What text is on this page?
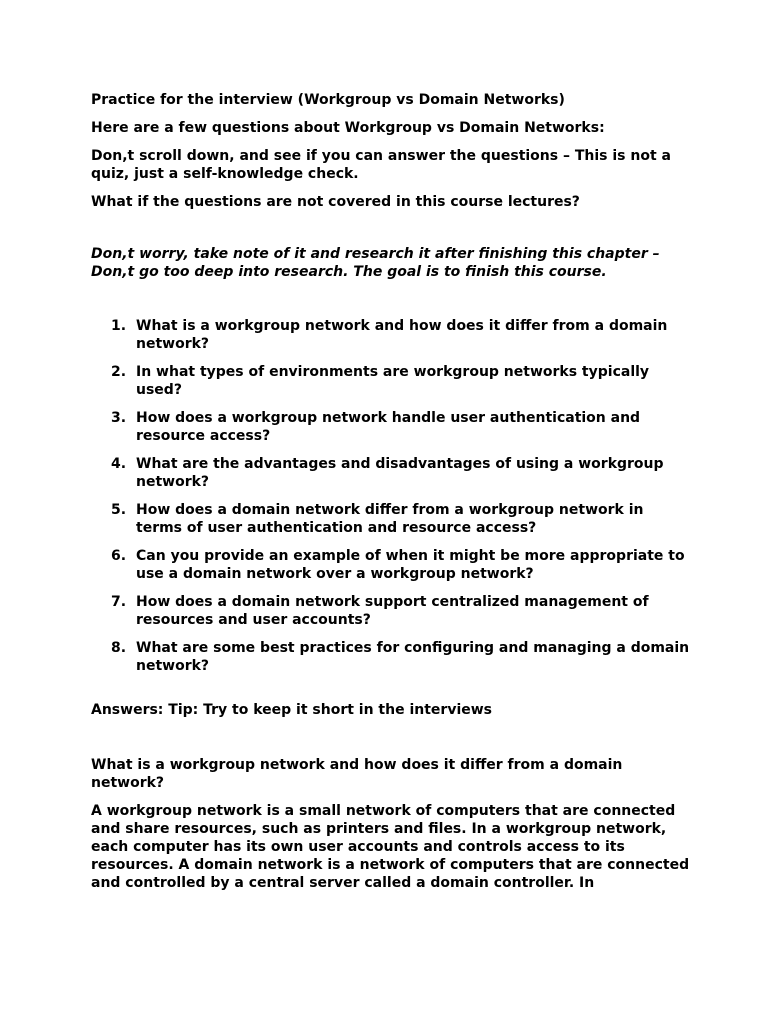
Practice for the interview (Workgroup vs Domain Networks)

Here are a few questions about Workgroup vs Domain Networks:

Don,t scroll down, and see if you can answer the questions – This is not a quiz, just a self-knowledge check.

What if the questions are not covered in this course lectures?

Don,t worry, take note of it and research it after finishing this chapter – Don,t go too deep into research. The goal is to finish this course.

1. What is a workgroup network and how does it differ from a domain network?
2. In what types of environments are workgroup networks typically used?
3. How does a workgroup network handle user authentication and resource access?
4. What are the advantages and disadvantages of using a workgroup network?
5. How does a domain network differ from a workgroup network in terms of user authentication and resource access?
6. Can you provide an example of when it might be more appropriate to use a domain network over a workgroup network?
7. How does a domain network support centralized management of resources and user accounts?
8. What are some best practices for configuring and managing a domain network?

Answers: Tip: Try to keep it short in the interviews

What is a workgroup network and how does it differ from a domain network?

A workgroup network is a small network of computers that are connected and share resources, such as printers and files. In a workgroup network, each computer has its own user accounts and controls access to its resources. A domain network is a network of computers that are connected and controlled by a central server called a domain controller. In
